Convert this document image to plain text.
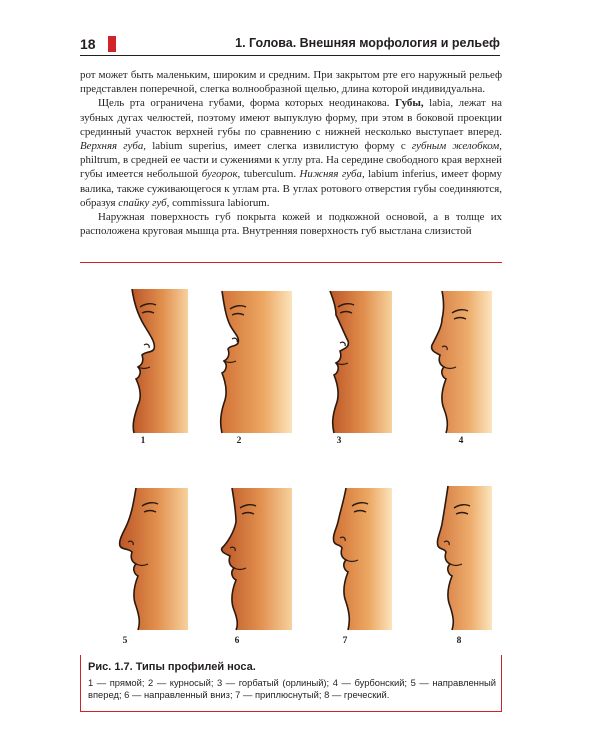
18	1. Голова. Внешняя морфология и рельеф

рот может быть маленьким, широким и средним. При закрытом рте его наружный рельеф представлен поперечной, слегка волнообразной щелью, длина которой индивидуальна.

Щель рта ограничена губами, форма которых неодинакова. Губы, labia, лежат на зубных дугах челюстей, поэтому имеют выпуклую форму, при этом в боковой проекции срединный участок верхней губы по сравнению с нижней несколько выступает вперед. Верхняя губа, labium superius, имеет слегка извилистую форму с губным желобком, philtrum, в средней ее части и сужениями к углу рта. На середине свободного края верхней губы имеется небольшой бугорок, tuberculum. Нижняя губа, labium inferius, имеет форму валика, также суживающегося к углам рта. В углах ротового отверстия губы соединяются, образуя спайку губ, commissura labiorum.

Наружная поверхность губ покрыта кожей и подкожной основой, а в толще их расположена круговая мышца рта. Внутренняя поверхность губ выстлана слизистой

1	2	3	4
5	6	7	8
Рис. 1.7. Типы профилей носа.
1 — прямой; 2 — курносый; 3 — горбатый (орлиный); 4 — бурбонский; 5 — направленный вперед; 6 — направленный вниз; 7 — приплюснутый; 8 — греческий.
